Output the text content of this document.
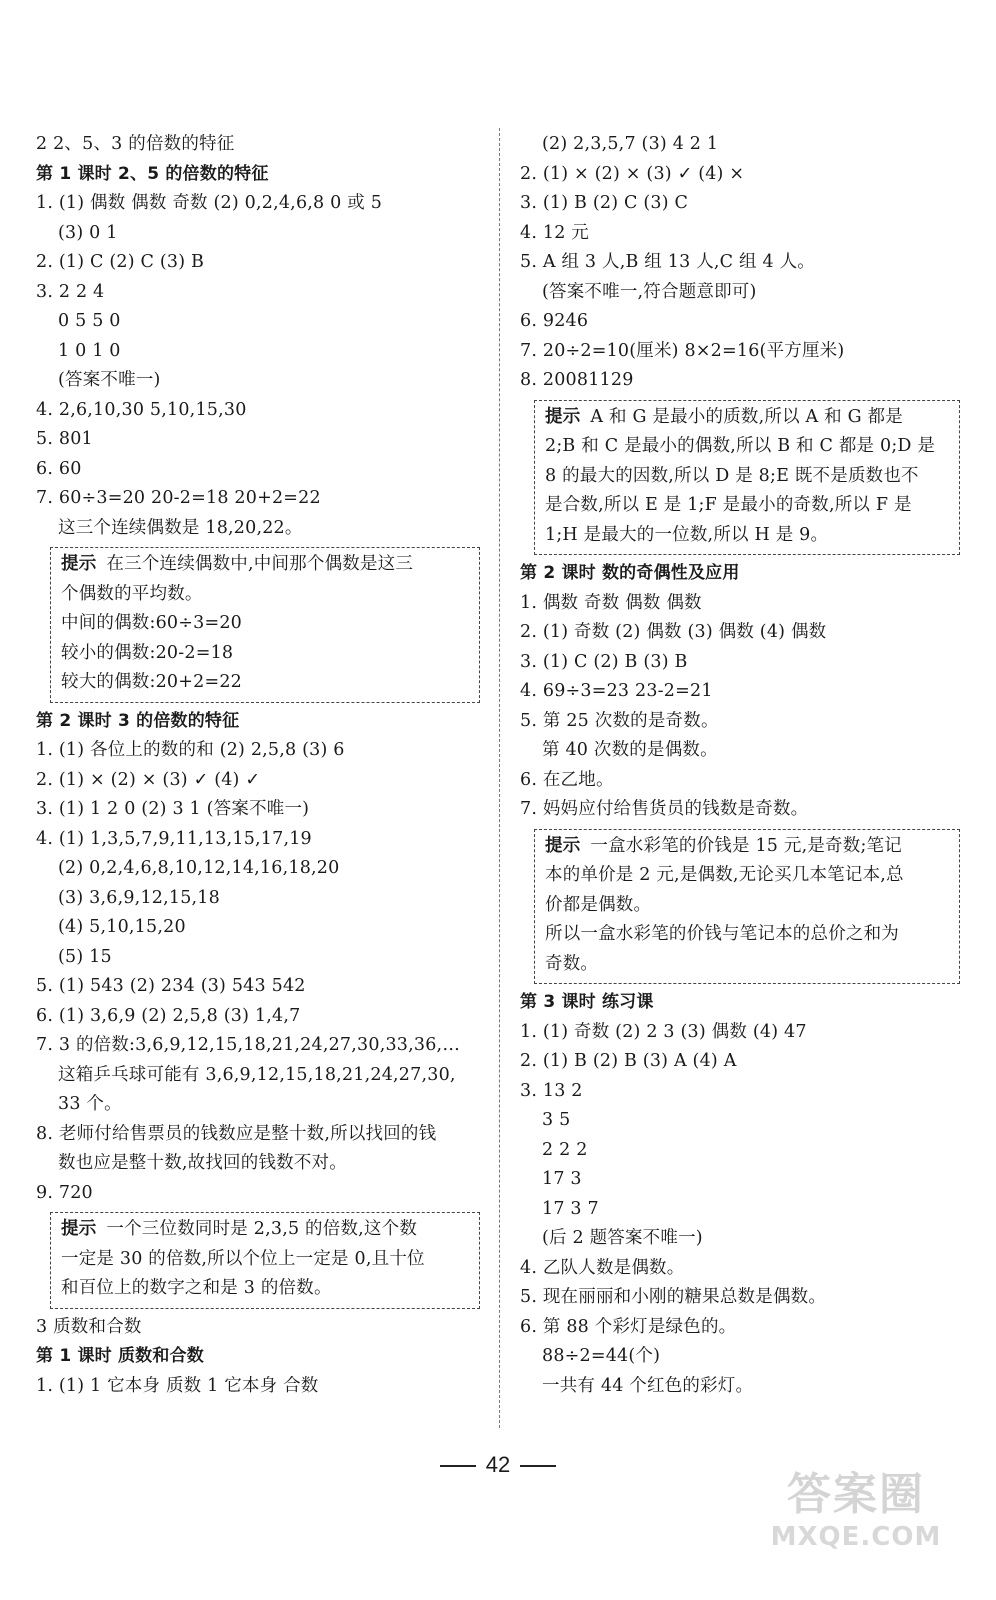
2 2、5、3 的倍数的特征
第 1 课时 2、5 的倍数的特征
1. (1) 偶数 偶数 奇数 (2) 0,2,4,6,8 0 或 5
(3) 0 1
2. (1) C (2) C (3) B
3. 2 2 4
0 5 5 0
1 0 1 0
(答案不唯一)
4. 2,6,10,30 5,10,15,30
5. 801
6. 60
7. 60÷3=20 20-2=18 20+2=22
这三个连续偶数是 18,20,22。
提示 在三个连续偶数中,中间那个偶数是这三
个偶数的平均数。
中间的偶数:60÷3=20
较小的偶数:20-2=18
较大的偶数:20+2=22
第 2 课时 3 的倍数的特征
1. (1) 各位上的数的和 (2) 2,5,8 (3) 6
2. (1) × (2) × (3) ✓ (4) ✓
3. (1) 1 2 0 (2) 3 1 (答案不唯一)
4. (1) 1,3,5,7,9,11,13,15,17,19
(2) 0,2,4,6,8,10,12,14,16,18,20
(3) 3,6,9,12,15,18
(4) 5,10,15,20
(5) 15
5. (1) 543 (2) 234 (3) 543 542
6. (1) 3,6,9 (2) 2,5,8 (3) 1,4,7
7. 3 的倍数:3,6,9,12,15,18,21,24,27,30,33,36,…
这箱乒乓球可能有 3,6,9,12,15,18,21,24,27,30,
33 个。
8. 老师付给售票员的钱数应是整十数,所以找回的钱
数也应是整十数,故找回的钱数不对。
9. 720
提示 一个三位数同时是 2,3,5 的倍数,这个数
一定是 30 的倍数,所以个位上一定是 0,且十位
和百位上的数字之和是 3 的倍数。
3 质数和合数
第 1 课时 质数和合数
1. (1) 1 它本身 质数 1 它本身 合数
(2) 2,3,5,7 (3) 4 2 1
2. (1) × (2) × (3) ✓ (4) ×
3. (1) B (2) C (3) C
4. 12 元
5. A 组 3 人,B 组 13 人,C 组 4 人。
(答案不唯一,符合题意即可)
6. 9246
7. 20÷2=10(厘米) 8×2=16(平方厘米)
8. 20081129
提示 A 和 G 是最小的质数,所以 A 和 G 都是
2;B 和 C 是最小的偶数,所以 B 和 C 都是 0;D 是
8 的最大的因数,所以 D 是 8;E 既不是质数也不
是合数,所以 E 是 1;F 是最小的奇数,所以 F 是
1;H 是最大的一位数,所以 H 是 9。
第 2 课时 数的奇偶性及应用
1. 偶数 奇数 偶数 偶数
2. (1) 奇数 (2) 偶数 (3) 偶数 (4) 偶数
3. (1) C (2) B (3) B
4. 69÷3=23 23-2=21
5. 第 25 次数的是奇数。
第 40 次数的是偶数。
6. 在乙地。
7. 妈妈应付给售货员的钱数是奇数。
提示 一盒水彩笔的价钱是 15 元,是奇数;笔记
本的单价是 2 元,是偶数,无论买几本笔记本,总
价都是偶数。
所以一盒水彩笔的价钱与笔记本的总价之和为
奇数。
第 3 课时 练习课
1. (1) 奇数 (2) 2 3 (3) 偶数 (4) 47
2. (1) B (2) B (3) A (4) A
3. 13 2
3 5
2 2 2
17 3
17 3 7
(后 2 题答案不唯一)
4. 乙队人数是偶数。
5. 现在丽丽和小刚的糖果总数是偶数。
6. 第 88 个彩灯是绿色的。
88÷2=44(个)
一共有 44 个红色的彩灯。
42
答案圈
MXQE.COM
